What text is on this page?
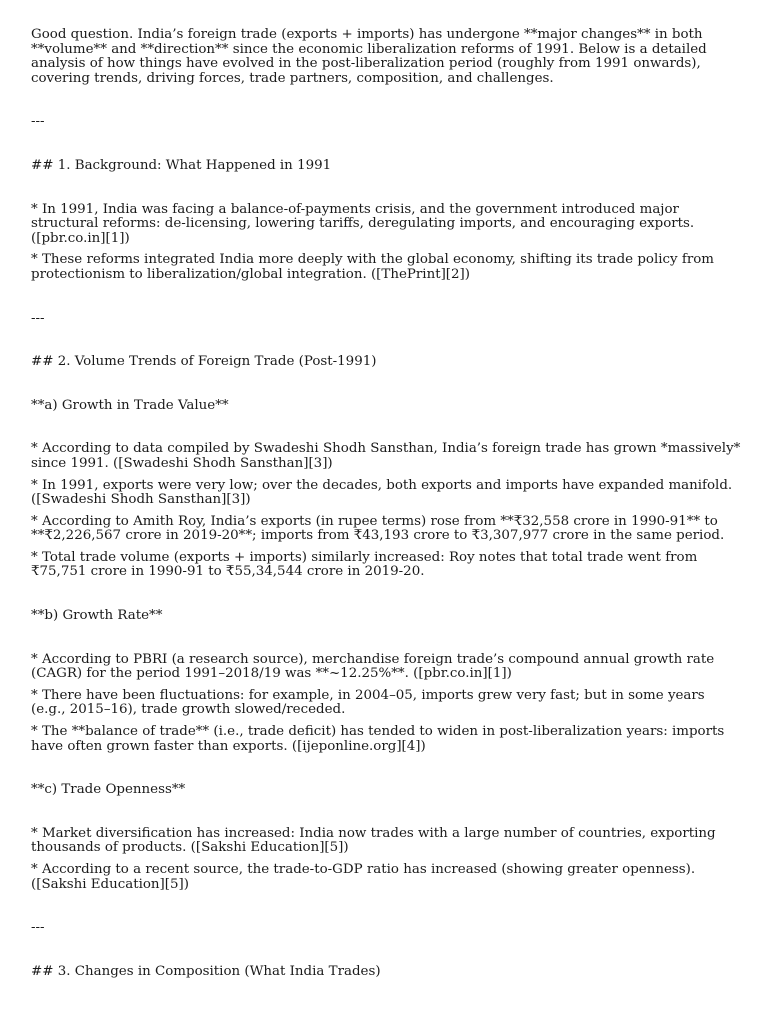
Good question. India’s foreign trade (exports + imports) has undergone **major changes** in both **volume** and **direction** since the economic liberalization reforms of 1991. Below is a detailed analysis of how things have evolved in the post-liberalization period (roughly from 1991 onwards), covering trends, driving forces, trade partners, composition, and challenges.

---

## 1. Background: What Happened in 1991

* In 1991, India was facing a balance-of-payments crisis, and the government introduced major structural reforms: de-licensing, lowering tariffs, deregulating imports, and encouraging exports. ([pbr.co.in][1])

* These reforms integrated India more deeply with the global economy, shifting its trade policy from protectionism to liberalization/global integration. ([ThePrint][2])

---

## 2. Volume Trends of Foreign Trade (Post-1991)

**a) Growth in Trade Value**

* According to data compiled by Swadeshi Shodh Sansthan, India’s foreign trade has grown *massively* since 1991. ([Swadeshi Shodh Sansthan][3])

* In 1991, exports were very low; over the decades, both exports and imports have expanded manifold. ([Swadeshi Shodh Sansthan][3])

* According to Amith Roy, India’s exports (in rupee terms) rose from **₹32,558 crore in 1990-91** to **₹2,226,567 crore in 2019-20**; imports from ₹43,193 crore to ₹3,307,977 crore in the same period.

* Total trade volume (exports + imports) similarly increased: Roy notes that total trade went from ₹75,751 crore in 1990-91 to ₹55,34,544 crore in 2019-20.

**b) Growth Rate**

* According to PBRI (a research source), merchandise foreign trade’s compound annual growth rate (CAGR) for the period 1991–2018/19 was **~12.25%**. ([pbr.co.in][1])

* There have been fluctuations: for example, in 2004–05, imports grew very fast; but in some years (e.g., 2015–16), trade growth slowed/receded.

* The **balance of trade** (i.e., trade deficit) has tended to widen in post-liberalization years: imports have often grown faster than exports. ([ijeponline.org][4])

**c) Trade Openness**

* Market diversification has increased: India now trades with a large number of countries, exporting thousands of products. ([Sakshi Education][5])

* According to a recent source, the trade-to-GDP ratio has increased (showing greater openness). ([Sakshi Education][5])

---

## 3. Changes in Composition (What India Trades)
